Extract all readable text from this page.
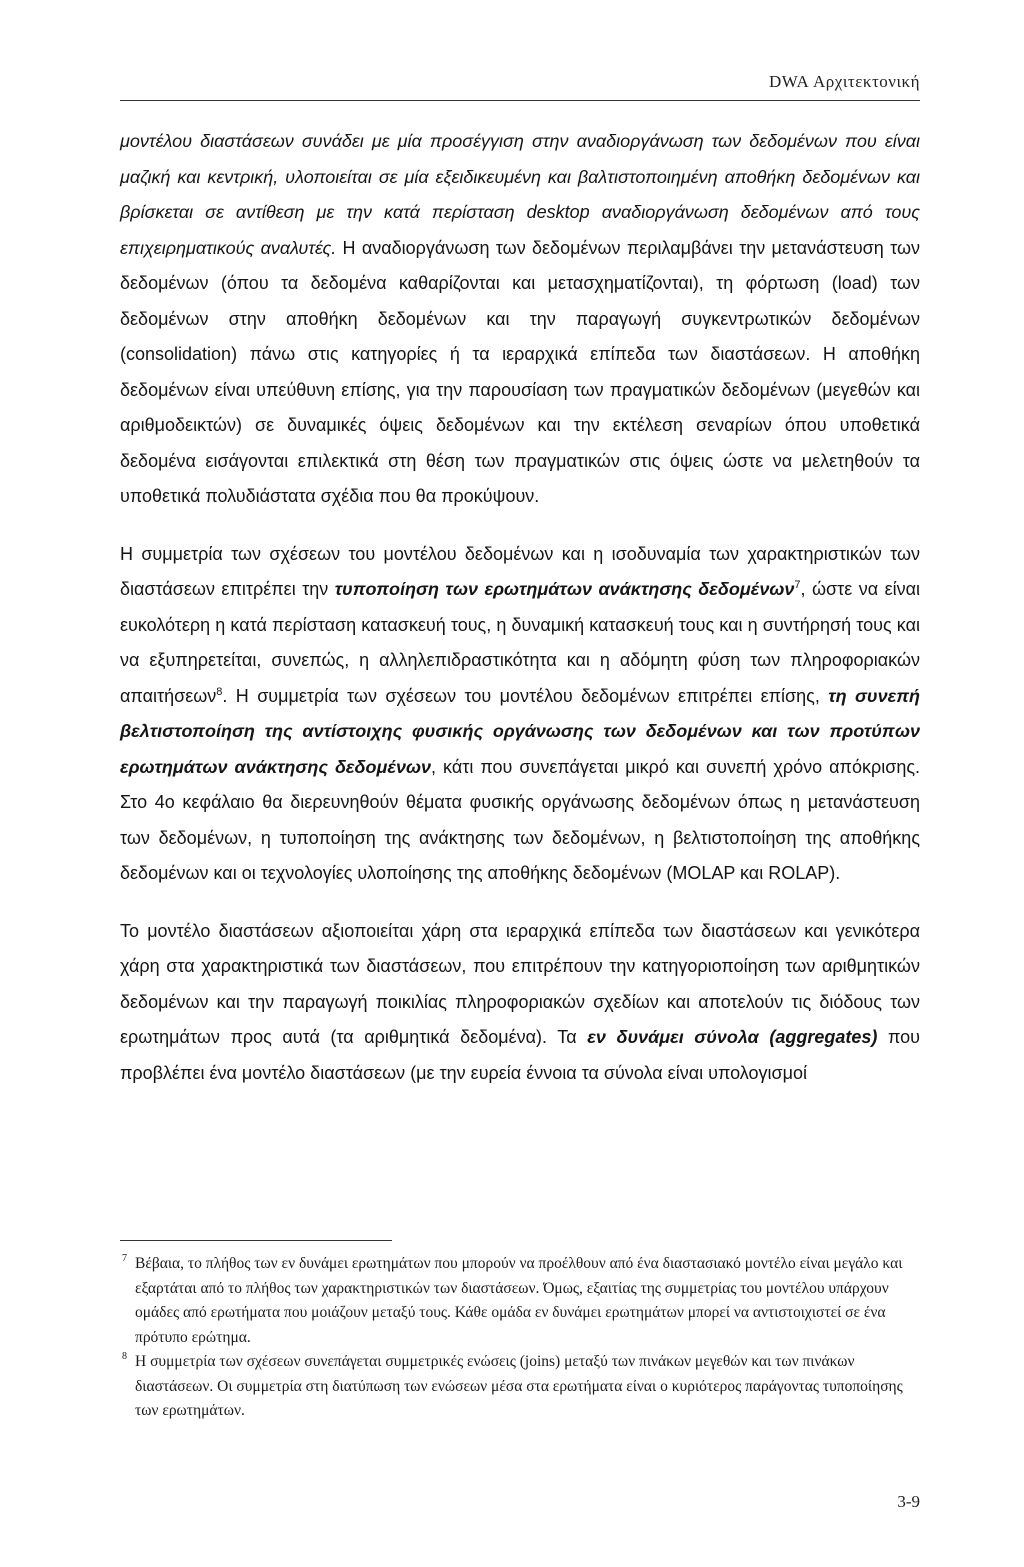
DWA Αρχιτεκτονική

μοντέλου διαστάσεων συνάδει με μία προσέγγιση στην αναδιοργάνωση των δεδομένων που είναι μαζική και κεντρική, υλοποιείται σε μία εξειδικευμένη και βαλτιστοποιημένη αποθήκη δεδομένων και βρίσκεται σε αντίθεση με την κατά περίσταση desktop αναδιοργάνωση δεδομένων από τους επιχειρηματικούς αναλυτές. Η αναδιοργάνωση των δεδομένων περιλαμβάνει την μετανάστευση των δεδομένων (όπου τα δεδομένα καθαρίζονται και μετασχηματίζονται), τη φόρτωση (load) των δεδομένων στην αποθήκη δεδομένων και την παραγωγή συγκεντρωτικών δεδομένων (consolidation) πάνω στις κατηγορίες ή τα ιεραρχικά επίπεδα των διαστάσεων. Η αποθήκη δεδομένων είναι υπεύθυνη επίσης, για την παρουσίαση των πραγματικών δεδομένων (μεγεθών και αριθμοδεικτών) σε δυναμικές όψεις δεδομένων και την εκτέλεση σεναρίων όπου υποθετικά δεδομένα εισάγονται επιλεκτικά στη θέση των πραγματικών στις όψεις ώστε να μελετηθούν τα υποθετικά πολυδιάστατα σχέδια που θα προκύψουν.

Η συμμετρία των σχέσεων του μοντέλου δεδομένων και η ισοδυναμία των χαρακτηριστικών των διαστάσεων επιτρέπει την τυποποίηση των ερωτημάτων ανάκτησης δεδομένων$^7$, ώστε να είναι ευκολότερη η κατά περίσταση κατασκευή τους, η δυναμική κατασκευή τους και η συντήρησή τους και να εξυπηρετείται, συνεπώς, η αλληλεπιδραστικότητα και η αδόμητη φύση των πληροφοριακών απαιτήσεων$^8$. Η συμμετρία των σχέσεων του μοντέλου δεδομένων επιτρέπει επίσης, τη συνεπή βελτιστοποίηση της αντίστοιχης φυσικής οργάνωσης των δεδομένων και των προτύπων ερωτημάτων ανάκτησης δεδομένων, κάτι που συνεπάγεται μικρό και συνεπή χρόνο απόκρισης. Στο 4ο κεφάλαιο θα διερευνηθούν θέματα φυσικής οργάνωσης δεδομένων όπως η μετανάστευση των δεδομένων, η τυποποίηση της ανάκτησης των δεδομένων, η βελτιστοποίηση της αποθήκης δεδομένων και οι τεχνολογίες υλοποίησης της αποθήκης δεδομένων (MOLAP και ROLAP).

Το μοντέλο διαστάσεων αξιοποιείται χάρη στα ιεραρχικά επίπεδα των διαστάσεων και γενικότερα χάρη στα χαρακτηριστικά των διαστάσεων, που επιτρέπουν την κατηγοριοποίηση των αριθμητικών δεδομένων και την παραγωγή ποικιλίας πληροφοριακών σχεδίων και αποτελούν τις διόδους των ερωτημάτων προς αυτά (τα αριθμητικά δεδομένα). Τα εν δυνάμει σύνολα (aggregates) που προβλέπει ένα μοντέλο διαστάσεων (με την ευρεία έννοια τα σύνολα είναι υπολογισμοί

7 Βέβαια, το πλήθος των εν δυνάμει ερωτημάτων που μπορούν να προέλθουν από ένα διαστασιακό μοντέλο είναι μεγάλο και εξαρτάται από το πλήθος των χαρακτηριστικών των διαστάσεων. Όμως, εξαιτίας της συμμετρίας του μοντέλου υπάρχουν ομάδες από ερωτήματα που μοιάζουν μεταξύ τους. Κάθε ομάδα εν δυνάμει ερωτημάτων μπορεί να αντιστοιχιστεί σε ένα πρότυπο ερώτημα.

8 Η συμμετρία των σχέσεων συνεπάγεται συμμετρικές ενώσεις (joins) μεταξύ των πινάκων μεγεθών και των πινάκων διαστάσεων. Οι συμμετρία στη διατύπωση των ενώσεων μέσα στα ερωτήματα είναι ο κυριότερος παράγοντας τυποποίησης των ερωτημάτων.

3-9
